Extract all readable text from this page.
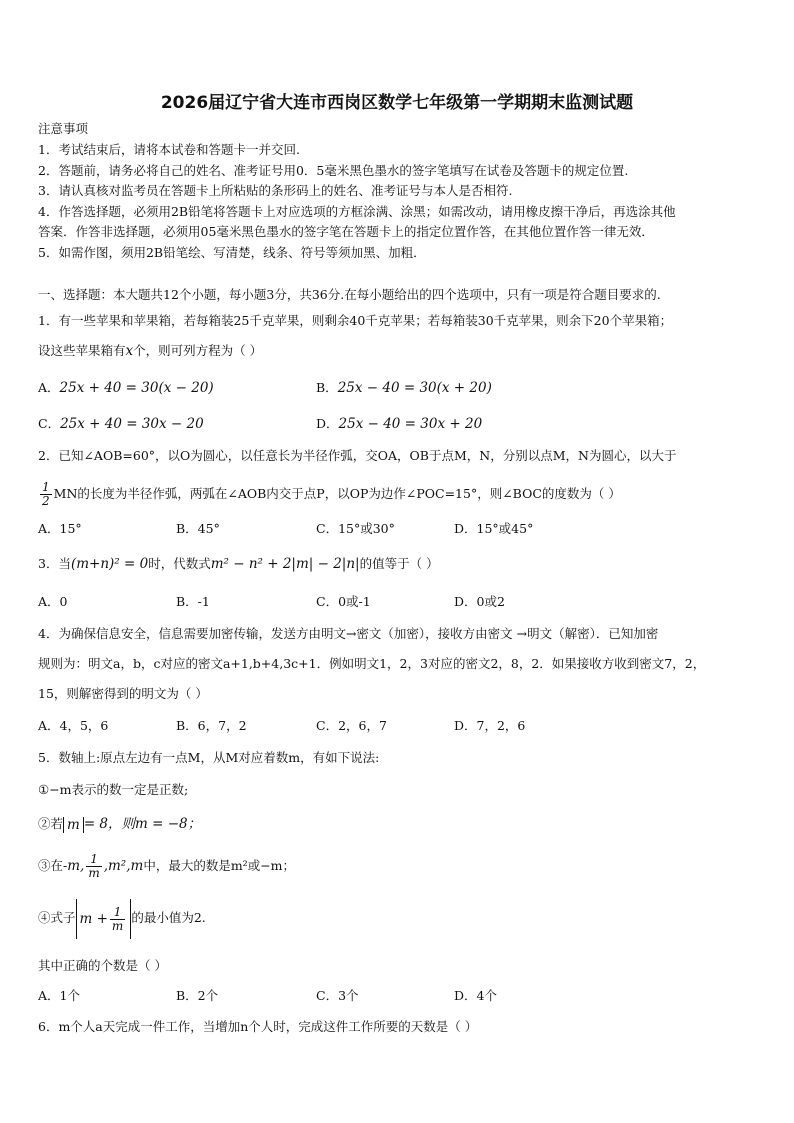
2026届辽宁省大连市西岗区数学七年级第一学期期末监测试题
注意事项
1．考试结束后，请将本试卷和答题卡一并交回.
2．答题前，请务必将自己的姓名、准考证号用0．5毫米黑色墨水的签字笔填写在试卷及答题卡的规定位置.
3．请认真核对监考员在答题卡上所粘贴的条形码上的姓名、准考证号与本人是否相符.
4．作答选择题，必须用2B铅笔将答题卡上对应选项的方框涂满、涂黑；如需改动，请用橡皮擦干净后，再选涂其他
答案．作答非选择题，必须用05毫米黑色墨水的签字笔在答题卡上的指定位置作答，在其他位置作答一律无效．
5．如需作图，须用2B铅笔绘、写清楚，线条、符号等须加黑、加粗．
一、选择题：本大题共12个小题，每小题3分，共36分.在每小题给出的四个选项中，只有一项是符合题目要求的.
1．有一些苹果和苹果箱，若每箱装25千克苹果，则剩余40千克苹果；若每箱装30千克苹果，则余下20个苹果箱；
设这些苹果箱有x个，则可列方程为（ ）
A．25x + 40 = 30(x − 20)	B．25x − 40 = 30(x + 20)
C．25x + 40 = 30x − 20	D．25x − 40 = 30x + 20
2．已知∠AOB=60°，以O为圆心，以任意长为半径作弧，交OA，OB于点M，N，分别以点M，N为圆心，以大于
$\frac{1}{2}$ MN的长度为半径作弧，两弧在∠AOB内交于点P，以OP为边作∠POC=15°，则∠BOC的度数为（ ）
A．15°	B．45°	C．15°或30°	D．15°或45°
3．当(m+n)² = 0时，代数式m² − n² + 2|m| − 2|n|的值等于（ ）
A．0	B．-1	C．0或-1	D．0或2
4．为确保信息安全，信息需要加密传输，发送方由明文→密文（加密），接收方由密文 →明文（解密）．已知加密
规则为：明文a，b，c对应的密文a+1,b+4,3c+1．例如明文1，2，3对应的密文2，8，2．如果接收方收到密文7，2，
15，则解密得到的明文为（ ）
A．4，5，6	B．6，7，2	C．2，6，7	D．7，2，6
5．数轴上:原点左边有一点M，从M对应着数m，有如下说法:
①−m表示的数一定是正数;
②若 m = 8，则m = −8；
③在-m, $\frac{1}{m} ,m^2,m$中，最大的数是m²或−m；
④式子 $m + \frac{1}{m}$ 的最小值为2.
其中正确的个数是（ ）
A．1个	B．2个	C．3个	D．4个
6．m个人a天完成一件工作，当增加n个人时，完成这件工作所要的天数是（ ）
